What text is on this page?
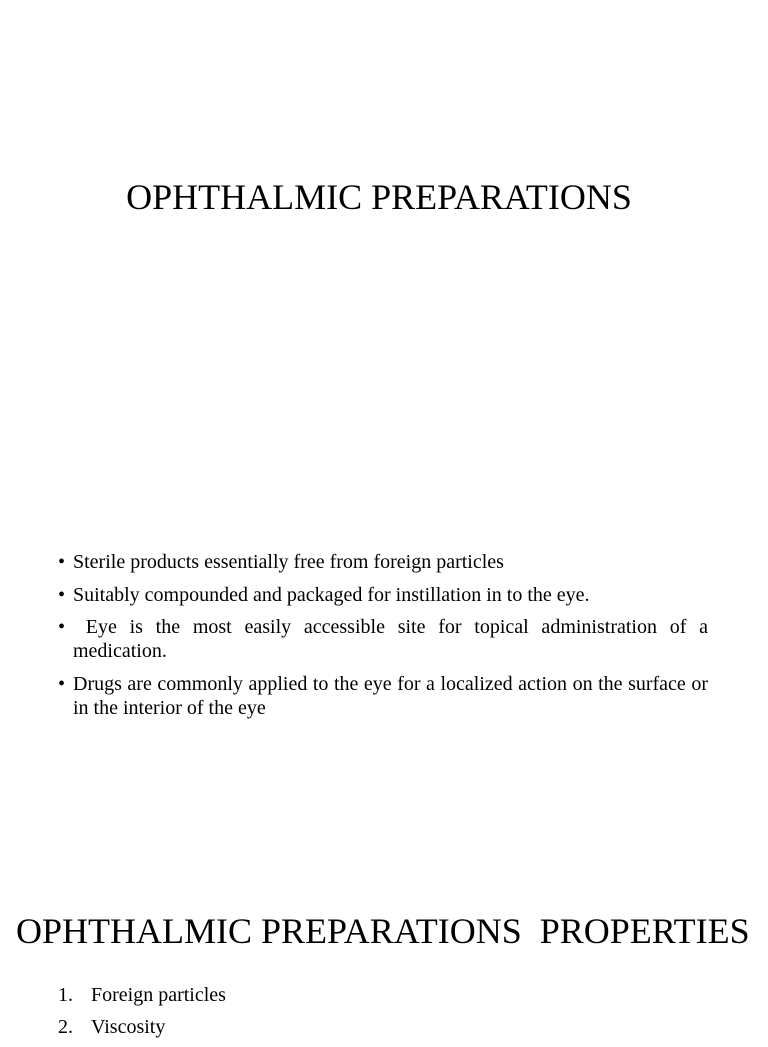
OPHTHALMIC PREPARATIONS
• Sterile products essentially free from foreign particles
• Suitably compounded and packaged for instillation in to the eye.
• Eye is the most easily accessible site for topical administration of a medication.
• Drugs are commonly applied to the eye for a localized action on the surface or in the interior of the eye
OPHTHALMIC PREPARATIONS  PROPERTIES
1. Foreign particles
2. Viscosity
